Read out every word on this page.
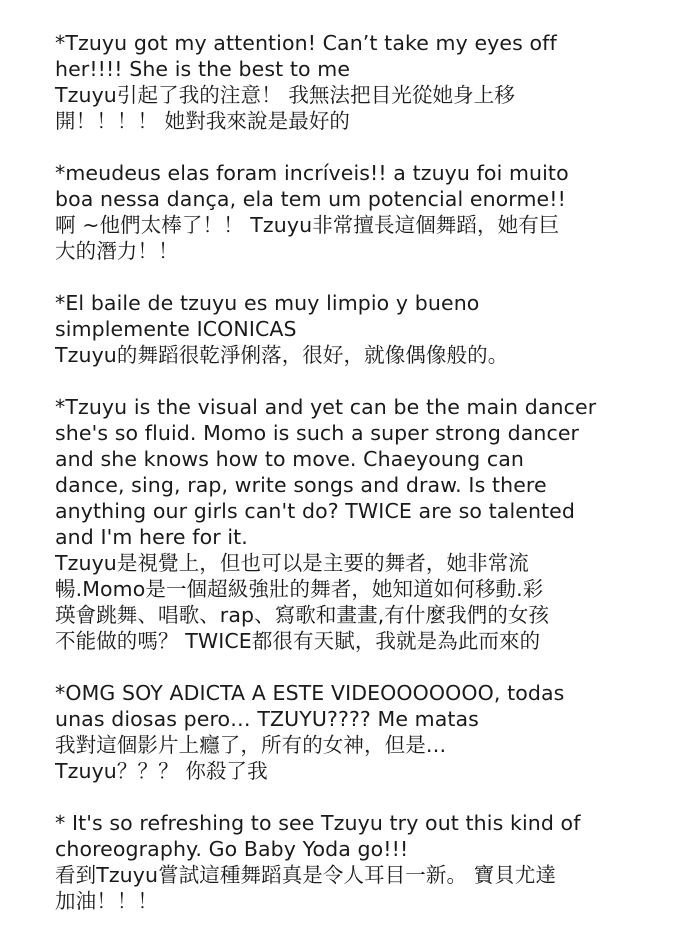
*Tzuyu got my attention! Can’t take my eyes off
her!!!! She is the best to me
Tzuyu引起了我的注意！ 我無法把目光從她身上移
開！！！！ 她對我來說是最好的
*meudeus elas foram incríveis!! a tzuyu foi muito
boa nessa dança, ela tem um potencial enorme!!
啊 ~他們太棒了！！ Tzuyu非常擅長這個舞蹈，她有巨
大的潛力！！
*El baile de tzuyu es muy limpio y bueno
simplemente ICONICAS
Tzuyu的舞蹈很乾淨俐落，很好，就像偶像般的。
*Tzuyu is the visual and yet can be the main dancer
she's so fluid. Momo is such a super strong dancer
and she knows how to move. Chaeyoung can
dance, sing, rap, write songs and draw. Is there
anything our girls can't do? TWICE are so talented
and I'm here for it.
Tzuyu是視覺上，但也可以是主要的舞者，她非常流
暢.Momo是一個超級強壯的舞者，她知道如何移動.彩
瑛會跳舞、唱歌、rap、寫歌和畫畫,有什麼我們的女孩
不能做的嗎？ TWICE都很有天賦，我就是為此而來的
*OMG SOY ADICTA A ESTE VIDEOOOOOOO, todas
unas diosas pero… TZUYU???? Me matas
我對這個影片上癮了，所有的女神，但是…
Tzuyu？？？ 你殺了我
* It's so refreshing to see Tzuyu try out this kind of
choreography. Go Baby Yoda go!!!
看到Tzuyu嘗試這種舞蹈真是令人耳目一新。 寶貝尤達
加油！！！
